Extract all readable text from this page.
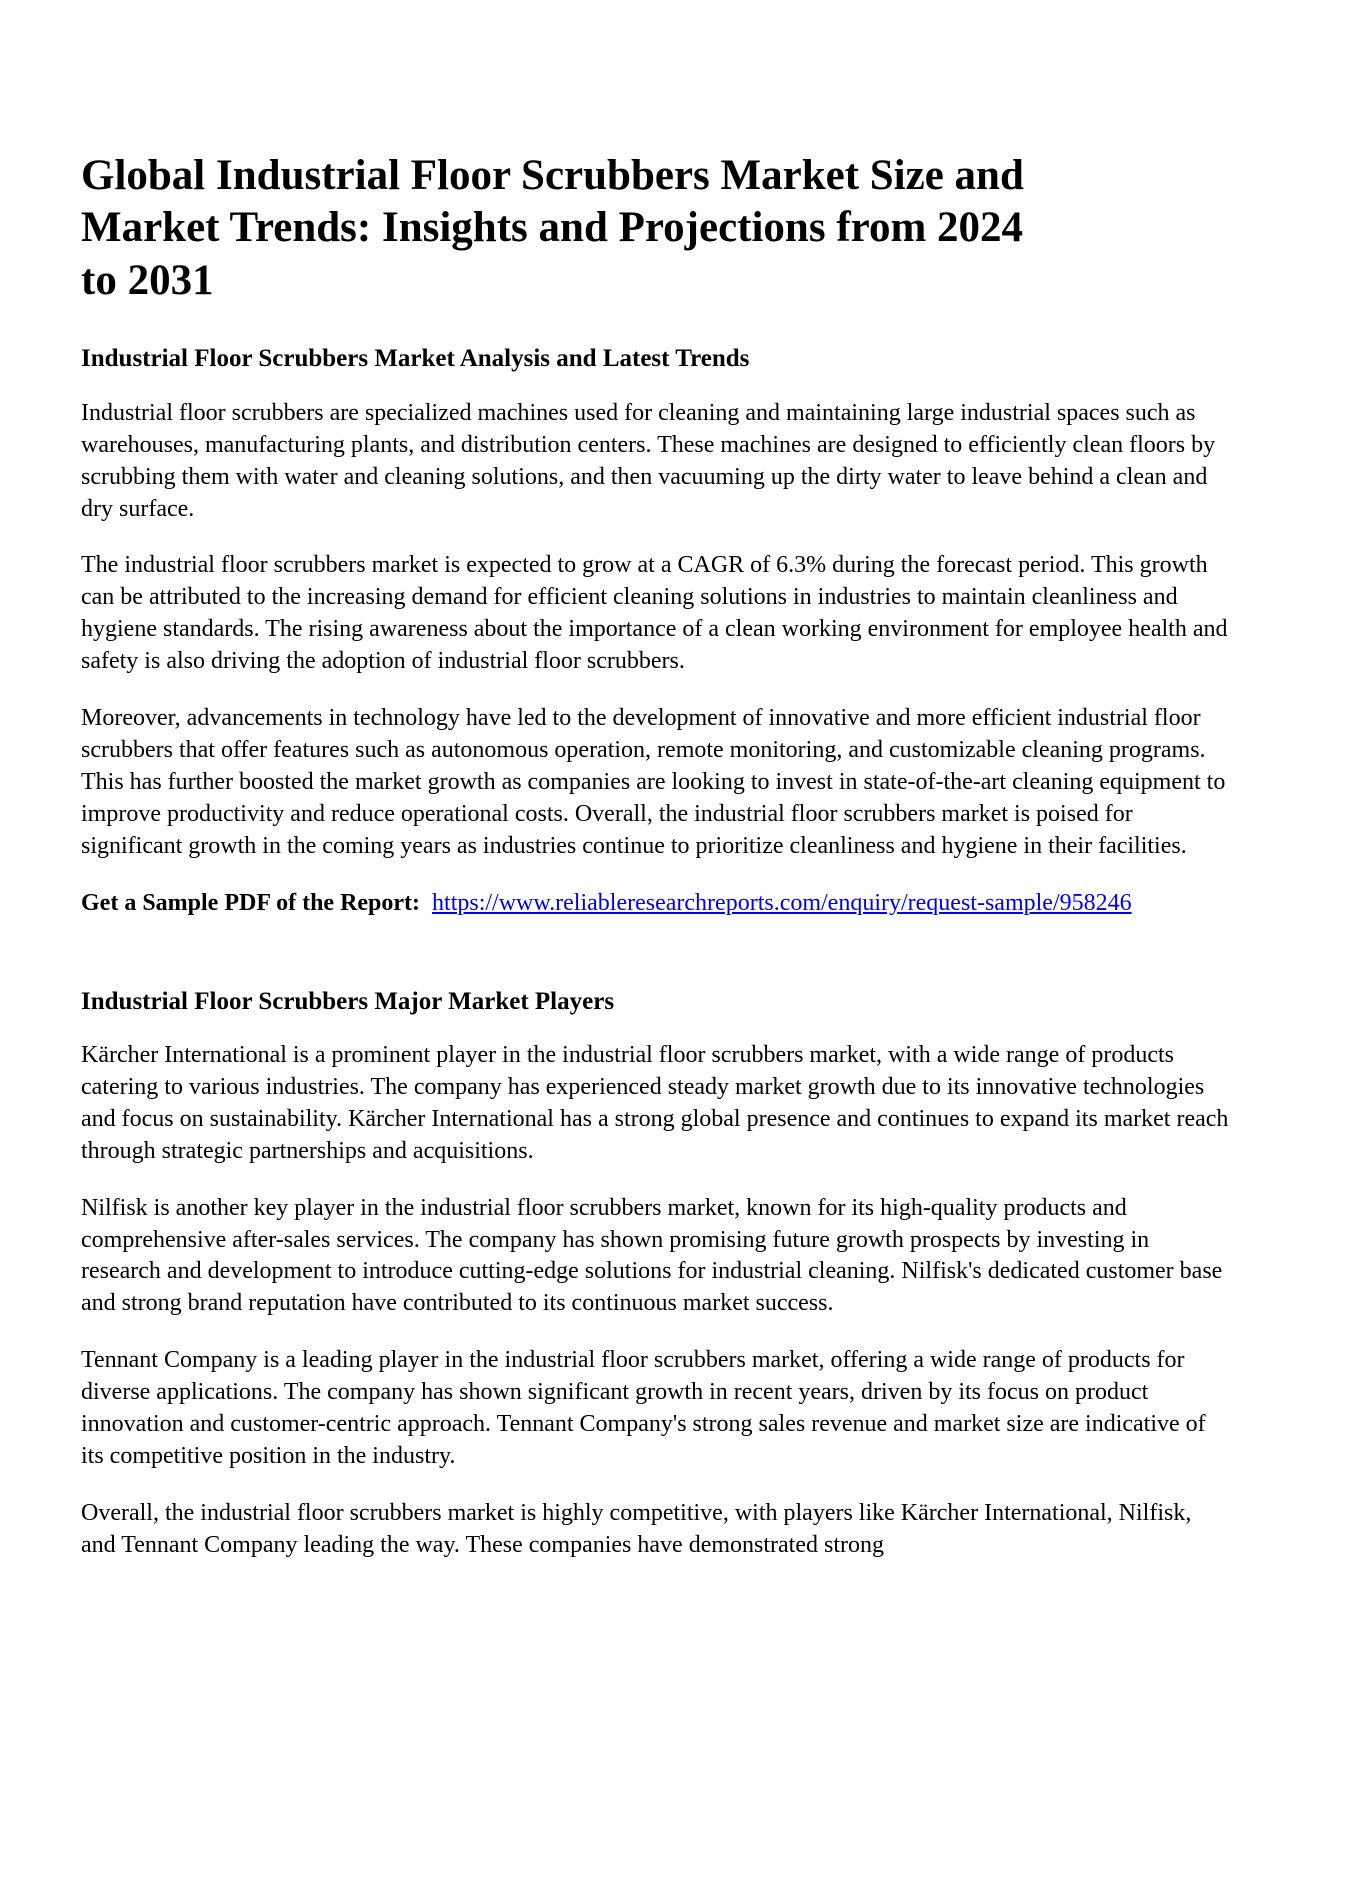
Global Industrial Floor Scrubbers Market Size and Market Trends: Insights and Projections from 2024 to 2031
Industrial Floor Scrubbers Market Analysis and Latest Trends

Industrial floor scrubbers are specialized machines used for cleaning and maintaining large industrial spaces such as warehouses, manufacturing plants, and distribution centers. These machines are designed to efficiently clean floors by scrubbing them with water and cleaning solutions, and then vacuuming up the dirty water to leave behind a clean and dry surface.

The industrial floor scrubbers market is expected to grow at a CAGR of 6.3% during the forecast period. This growth can be attributed to the increasing demand for efficient cleaning solutions in industries to maintain cleanliness and hygiene standards. The rising awareness about the importance of a clean working environment for employee health and safety is also driving the adoption of industrial floor scrubbers.

Moreover, advancements in technology have led to the development of innovative and more efficient industrial floor scrubbers that offer features such as autonomous operation, remote monitoring, and customizable cleaning programs. This has further boosted the market growth as companies are looking to invest in state-of-the-art cleaning equipment to improve productivity and reduce operational costs. Overall, the industrial floor scrubbers market is poised for significant growth in the coming years as industries continue to prioritize cleanliness and hygiene in their facilities.

Get a Sample PDF of the Report: https://www.reliableresearchreports.com/enquiry/request-sample/958246

Industrial Floor Scrubbers Major Market Players

Kärcher International is a prominent player in the industrial floor scrubbers market, with a wide range of products catering to various industries. The company has experienced steady market growth due to its innovative technologies and focus on sustainability. Kärcher International has a strong global presence and continues to expand its market reach through strategic partnerships and acquisitions.

Nilfisk is another key player in the industrial floor scrubbers market, known for its high-quality products and comprehensive after-sales services. The company has shown promising future growth prospects by investing in research and development to introduce cutting-edge solutions for industrial cleaning. Nilfisk's dedicated customer base and strong brand reputation have contributed to its continuous market success.

Tennant Company is a leading player in the industrial floor scrubbers market, offering a wide range of products for diverse applications. The company has shown significant growth in recent years, driven by its focus on product innovation and customer-centric approach. Tennant Company's strong sales revenue and market size are indicative of its competitive position in the industry.

Overall, the industrial floor scrubbers market is highly competitive, with players like Kärcher International, Nilfisk, and Tennant Company leading the way. These companies have demonstrated strong
